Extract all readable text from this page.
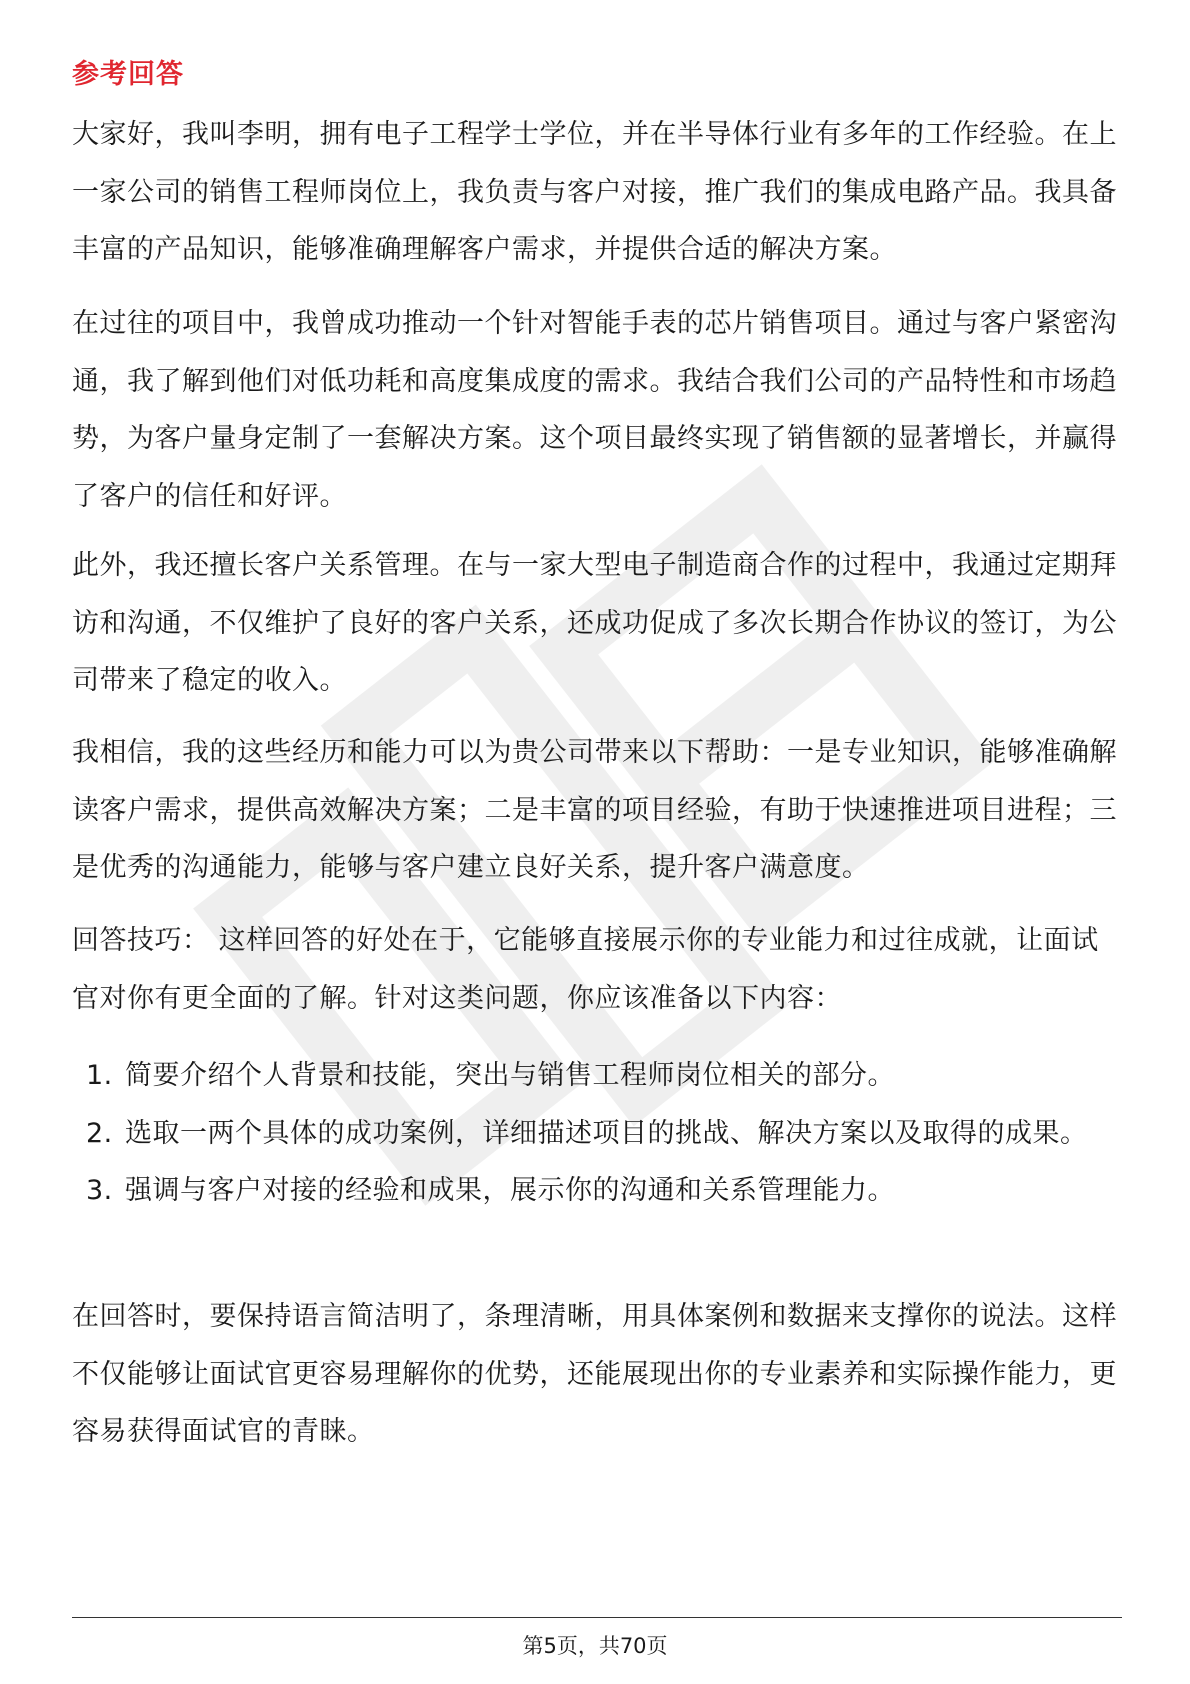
参考回答

大家好，我叫李明，拥有电子工程学士学位，并在半导体行业有多年的工作经验。在上一家公司的销售工程师岗位上，我负责与客户对接，推广我们的集成电路产品。我具备丰富的产品知识，能够准确理解客户需求，并提供合适的解决方案。

在过往的项目中，我曾成功推动一个针对智能手表的芯片销售项目。通过与客户紧密沟通，我了解到他们对低功耗和高度集成度的需求。我结合我们公司的产品特性和市场趋势，为客户量身定制了一套解决方案。这个项目最终实现了销售额的显著增长，并赢得了客户的信任和好评。

此外，我还擅长客户关系管理。在与一家大型电子制造商合作的过程中，我通过定期拜访和沟通，不仅维护了良好的客户关系，还成功促成了多次长期合作协议的签订，为公司带来了稳定的收入。

我相信，我的这些经历和能力可以为贵公司带来以下帮助：一是专业知识，能够准确解读客户需求，提供高效解决方案；二是丰富的项目经验，有助于快速推进项目进程；三是优秀的沟通能力，能够与客户建立良好关系，提升客户满意度。

回答技巧： 这样回答的好处在于，它能够直接展示你的专业能力和过往成就，让面试官对你有更全面的了解。针对这类问题，你应该准备以下内容：

1. 简要介绍个人背景和技能，突出与销售工程师岗位相关的部分。
2. 选取一两个具体的成功案例，详细描述项目的挑战、解决方案以及取得的成果。
3. 强调与客户对接的经验和成果，展示你的沟通和关系管理能力。

在回答时，要保持语言简洁明了，条理清晰，用具体案例和数据来支撑你的说法。这样不仅能够让面试官更容易理解你的优势，还能展现出你的专业素养和实际操作能力，更容易获得面试官的青睐。

第5页，共70页
